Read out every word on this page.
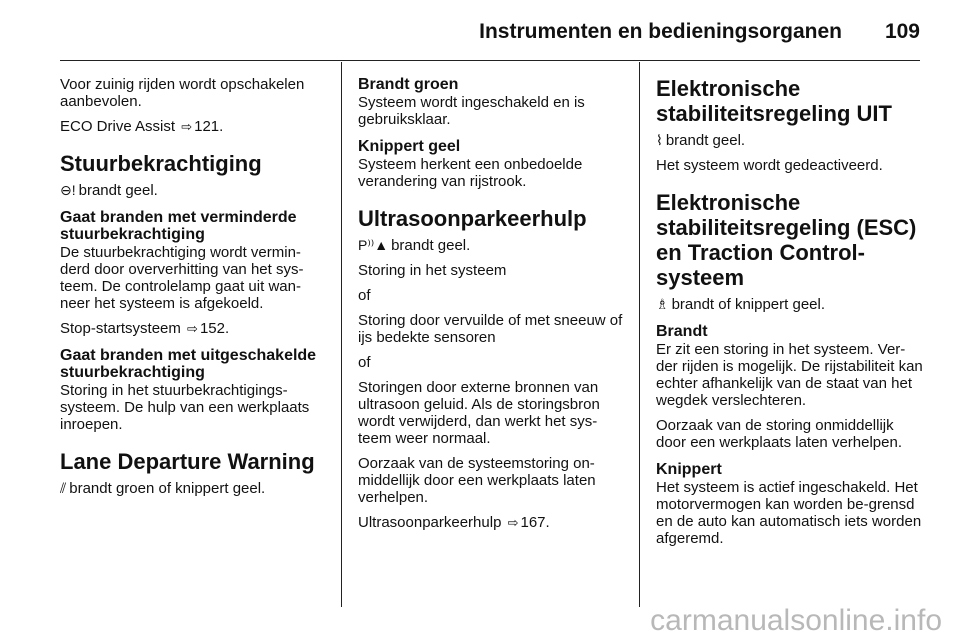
Instrumenten en bedieningsorganen 109

Voor zuinig rijden wordt opschakelen aanbevolen.

ECO Drive Assist ⇨ 121.

Stuurbekrachtiging

⊖! brandt geel.

Gaat branden met verminderde stuurbekrachtiging

De stuurbekrachtiging wordt vermin-derd door oververhitting van het sys-teem. De controlelamp gaat uit wan-neer het systeem is afgekoeld.

Stop-startsysteem ⇨ 152.

Gaat branden met uitgeschakelde stuurbekrachtiging

Storing in het stuurbekrachtigings-systeem. De hulp van een werkplaats inroepen.

Lane Departure Warning

⫽ brandt groen of knippert geel.

Brandt groen

Systeem wordt ingeschakeld en is gebruiksklaar.

Knippert geel

Systeem herkent een onbedoelde verandering van rijstrook.

Ultrasoonparkeerhulp

P⁾⁾▲ brandt geel.

Storing in het systeem

of

Storing door vervuilde of met sneeuw of ijs bedekte sensoren

of

Storingen door externe bronnen van ultrasoon geluid. Als de storingsbron wordt verwijderd, dan werkt het sys-teem weer normaal.

Oorzaak van de systeemstoring on-middellijk door een werkplaats laten verhelpen.

Ultrasoonparkeerhulp ⇨ 167.

Elektronische stabiliteitsregeling UIT

⌇ brandt geel.

Het systeem wordt gedeactiveerd.

Elektronische stabiliteitsregeling (ESC) en Traction Control-systeem

♗ brandt of knippert geel.

Brandt

Er zit een storing in het systeem. Ver-der rijden is mogelijk. De rijstabiliteit kan echter afhankelijk van de staat van het wegdek verslechteren.

Oorzaak van de storing onmiddellijk door een werkplaats laten verhelpen.

Knippert

Het systeem is actief ingeschakeld. Het motorvermogen kan worden be-grensd en de auto kan automatisch iets worden afgeremd.

carmanualsonline.info
